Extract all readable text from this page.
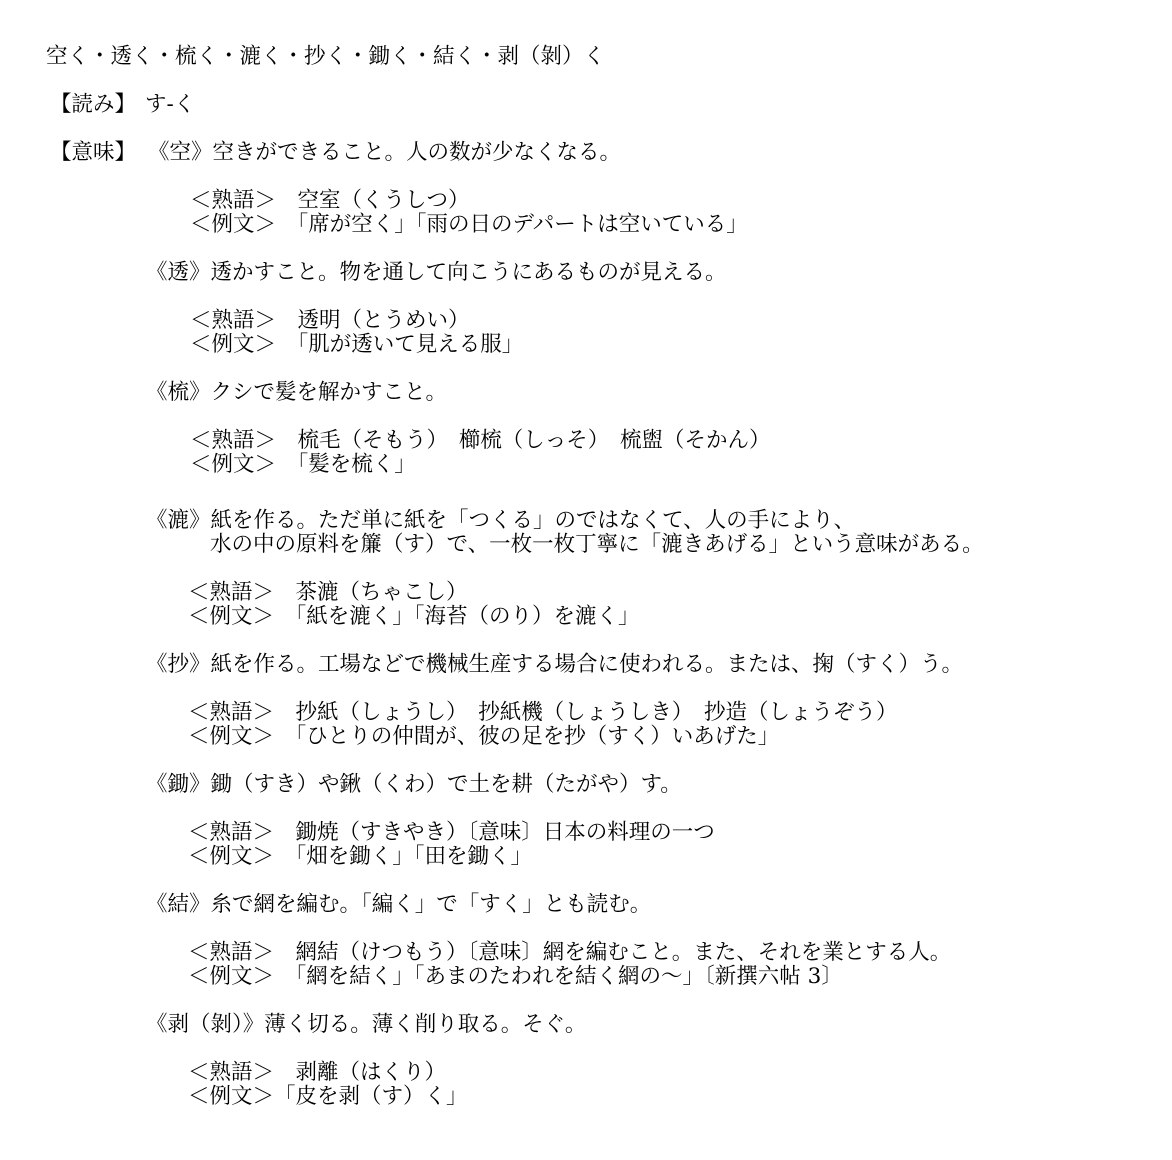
空く・透く・梳く・漉く・抄く・鋤く・結く・剥（剝）く
【読み】 す‐く
【意味】 《空》空きができること。人の数が少なくなる。
＜熟語＞　空室（くうしつ）
＜例文＞　「席が空く」「雨の日のデパートは空いている」
《透》透かすこと。物を通して向こうにあるものが見える。
＜熟語＞　透明（とうめい）
＜例文＞　「肌が透いて見える服」
《梳》クシで髪を解かすこと。
＜熟語＞　梳毛（そもう）　櫛梳（しっそ）　梳盥（そかん）
＜例文＞　「髪を梳く」
《漉》紙を作る。ただ単に紙を「つくる」のではなくて、人の手により、
水の中の原料を簾（す）で、一枚一枚丁寧に「漉きあげる」という意味がある。
＜熟語＞　茶漉（ちゃこし）
＜例文＞　「紙を漉く」「海苔（のり）を漉く」
《抄》紙を作る。工場などで機械生産する場合に使われる。または、掬（すく）う。
＜熟語＞　抄紙（しょうし）　抄紙機（しょうしき）　抄造（しょうぞう）
＜例文＞　「ひとりの仲間が、彼の足を抄（すく）いあげた」
《鋤》鋤（すき）や鍬（くわ）で土を耕（たがや）す。
＜熟語＞　鋤焼（すきやき）〔意味〕日本の料理の一つ
＜例文＞　「畑を鋤く」「田を鋤く」
《結》糸で網を編む。「編く」で「すく」とも読む。
＜熟語＞　網結（けつもう）〔意味〕網を編むこと。また、それを業とする人。
＜例文＞　「網を結く」「あまのたわれを結く網の～」〔新撰六帖 3〕
《剥（剝）》薄く切る。薄く削り取る。そぐ。
＜熟語＞　剥離（はくり）
＜例文＞「皮を剥（す）く」
